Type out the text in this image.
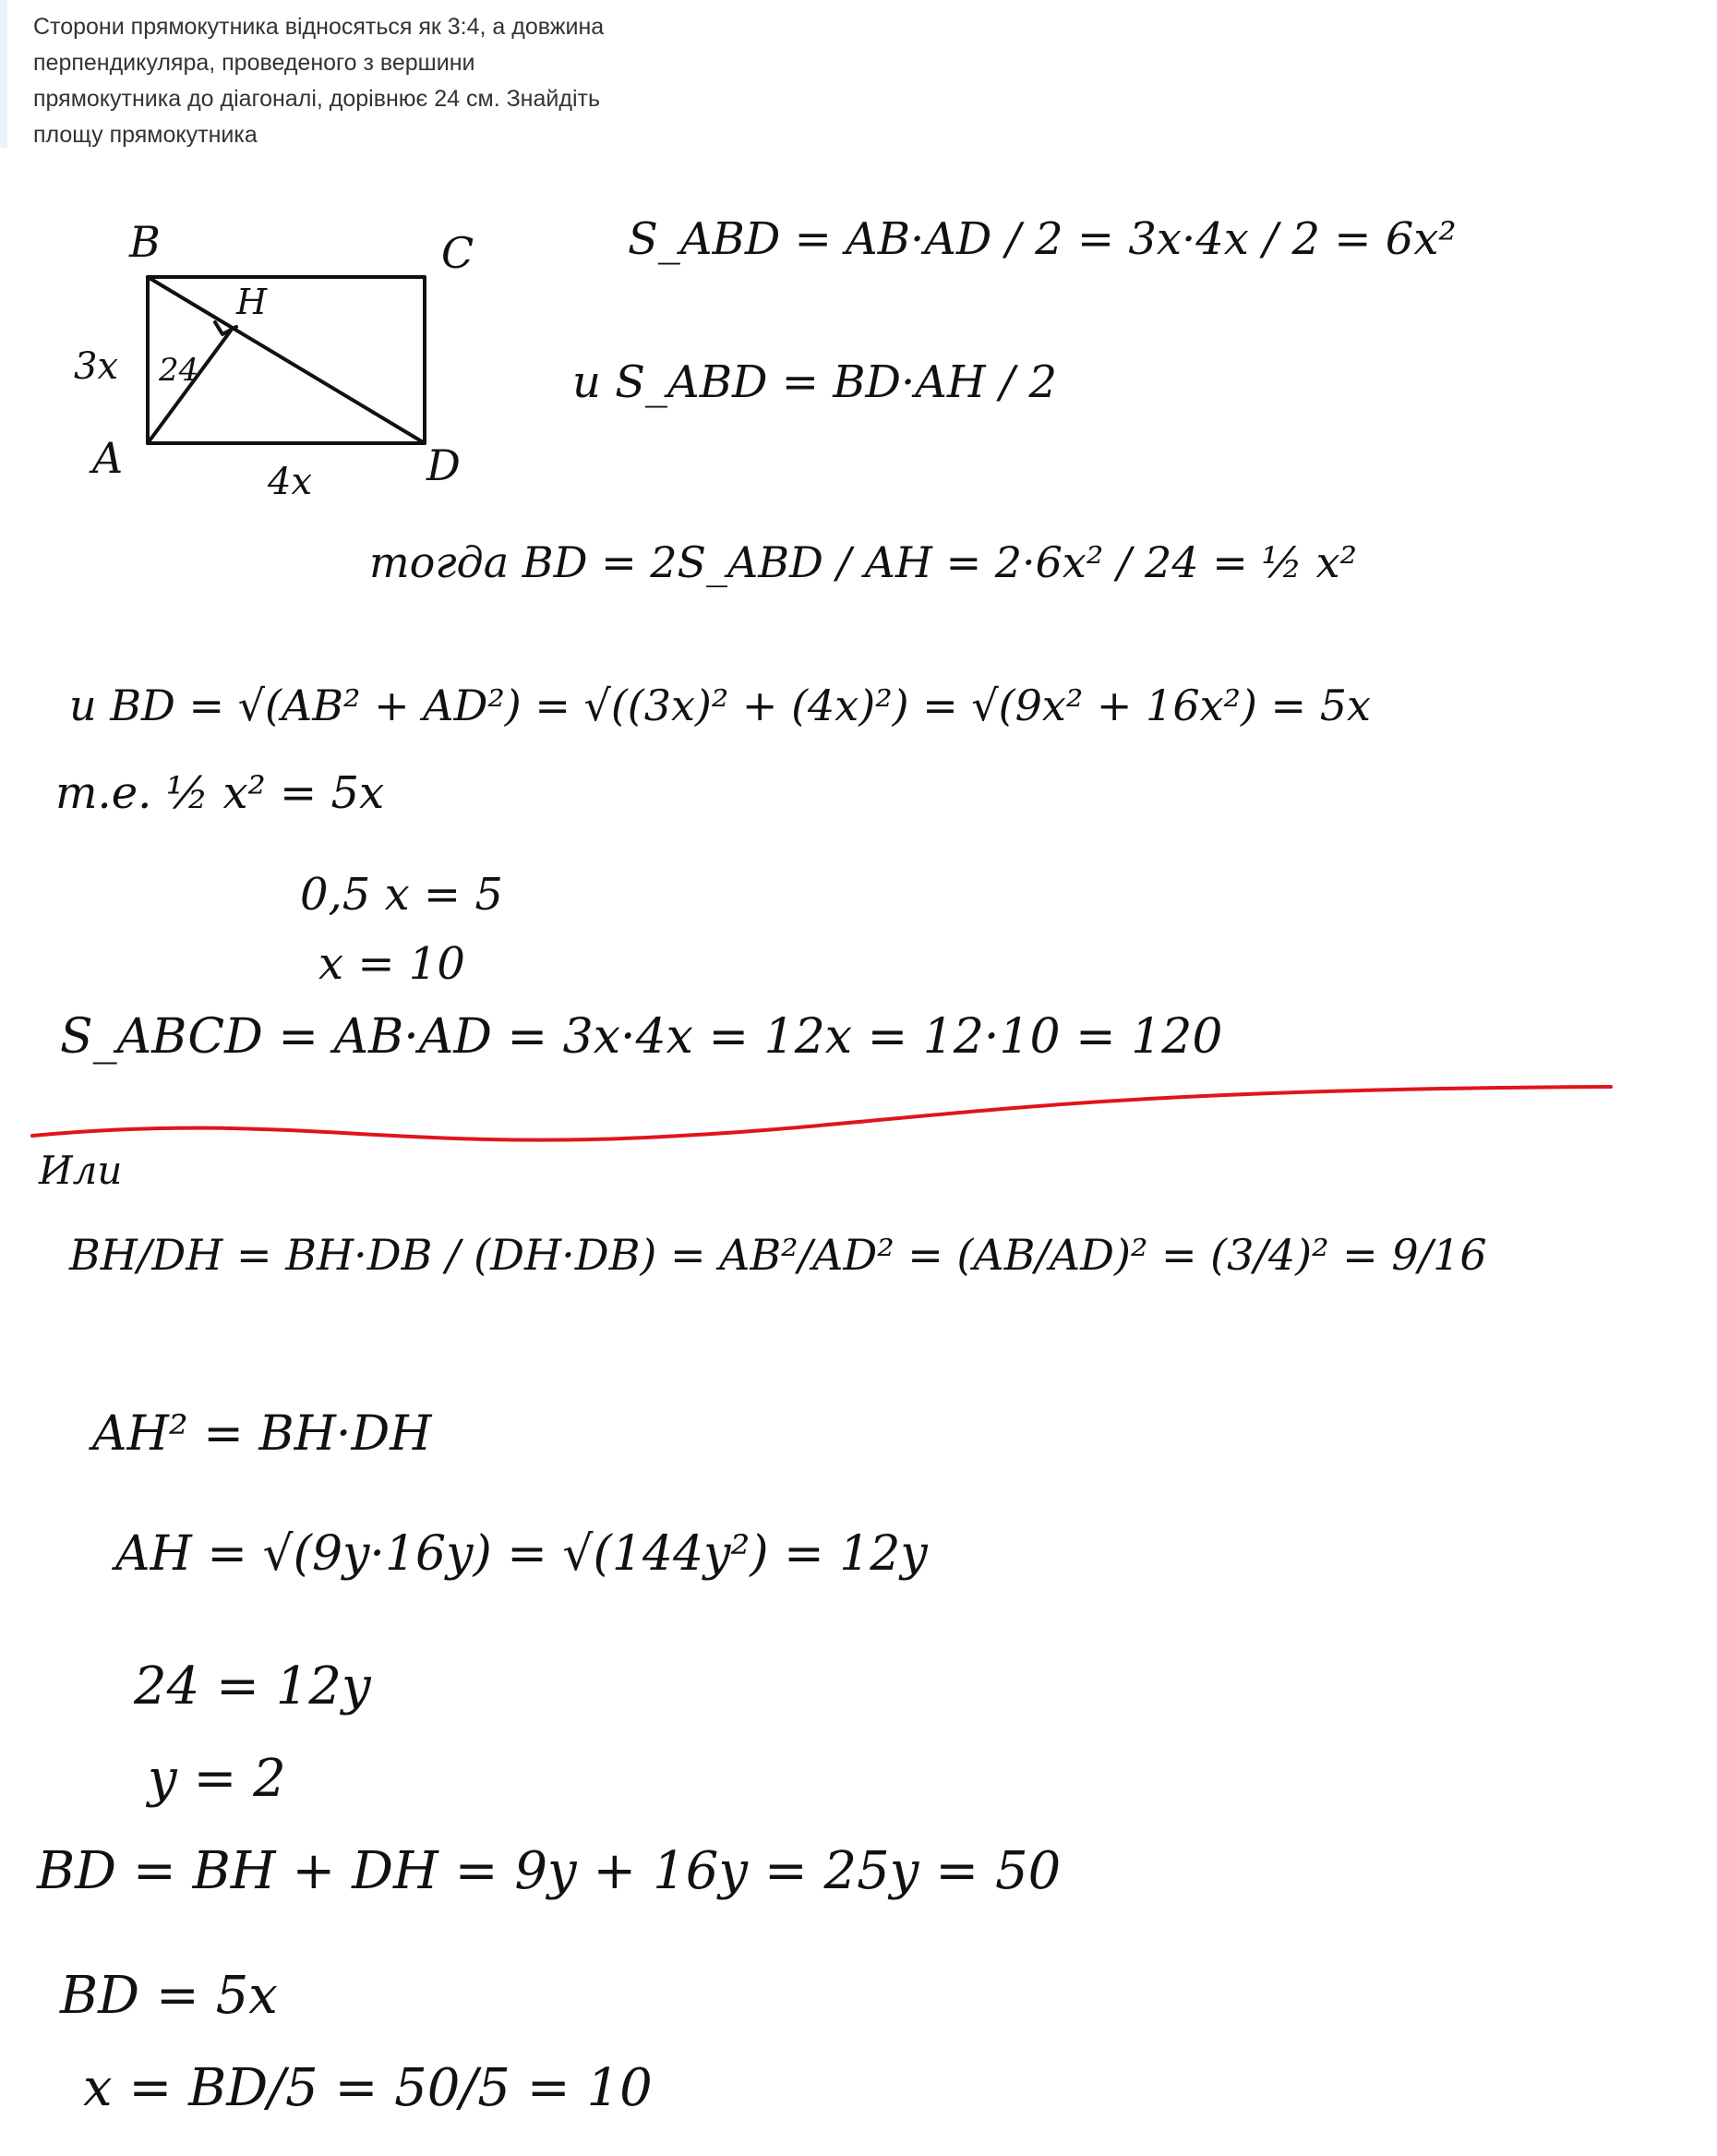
Сторони прямокутника відносяться як 3:4, а довжина
перпендикуляра, проведеного з вершини
прямокутника до діагоналі, дорівнює 24 см. Знайдіть
площу прямокутника
B	C
A	D
H
3x
4x
24
S_ABD = AB·AD / 2 = 3x·4x / 2 = 6x²
и S_ABD = BD·AH / 2
тогда BD = 2S_ABD / AH = 2·6x² / 24 = ½ x²
и BD = √(AB² + AD²) = √((3x)² + (4x)²) = √(9x² + 16x²) = 5x
т.е. ½ x² = 5x
0,5 x = 5
x = 10
S_ABCD = AB·AD = 3x·4x = 12x = 12·10 = 120
Или
BH/DH = BH·DB / (DH·DB) = AB²/AD² = (AB/AD)² = (3/4)² = 9/16
AH² = BH·DH
AH = √(9y·16y) = √(144y²) = 12y
24 = 12y
y = 2
BD = BH + DH = 9y + 16y = 25y = 50
BD = 5x
x = BD/5 = 50/5 = 10
